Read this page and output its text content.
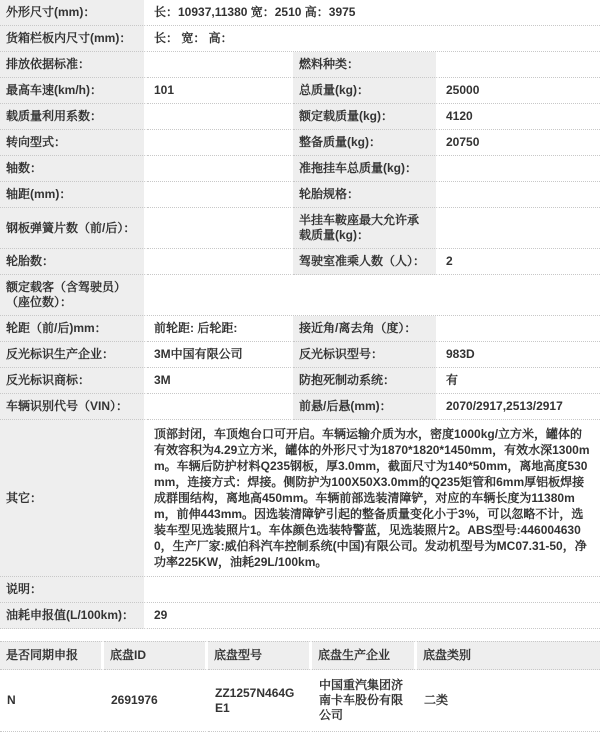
外形尺寸(mm)：	长：10937,11380 宽：2510 高：3975		
货箱栏板内尺寸(mm)：	长： 宽： 高：		
排放依据标准：		燃料种类：	
最高车速(km/h)：	101	总质量(kg)：	25000
载质量利用系数：		额定载质量(kg)：	4120
转向型式：		整备质量(kg)：	20750
轴数：		准拖挂车总质量(kg)：	
轴距(mm)：		轮胎规格：	
钢板弹簧片数（前/后）：		半挂车鞍座最大允许承载质量(kg)：	
轮胎数：		驾驶室准乘人数（人）：	2
额定载客（含驾驶员）（座位数）：			
轮距（前/后)mm：	前轮距: 后轮距:	接近角/离去角（度）：	
反光标识生产企业：	3M中国有限公司	反光标识型号：	983D
反光标识商标：	3M	防抱死制动系统：	有
车辆识别代号（VIN）：		前悬/后悬(mm)：	2070/2917,2513/2917
其它：	顶部封闭，车顶炮台口可开启。车辆运输介质为水，密度1000kg/立方米，罐体的有效容积为4.29立方米，罐体的外形尺寸为1870*1820*1450mm，有效水深1300mm。车辆后防护材料Q235钢板，厚3.0mm，截面尺寸为140*50mm，离地高度530mm，连接方式：焊接。侧防护为100X50X3.0mm的Q235矩管和6mm厚铝板焊接成群围结构，离地高450mm。车辆前部选装清障铲，对应的车辆长度为11380mm，前伸443mm。因选装清障铲引起的整备质量变化小于3%，可以忽略不计，选装车型见选装照片1。车体颜色选装特警蓝，见选装照片2。ABS型号:4460046300，生产厂家:威伯科汽车控制系统(中国)有限公司。发动机型号为MC07.31-50，净功率225KW，油耗29L/100km。		
说明：			
油耗申报值(L/100km)：	29		
是否同期申报	底盘ID	底盘型号	底盘生产企业	底盘类别
N	2691976	ZZ1257N464GE1	中国重汽集团济南卡车股份有限公司	二类
